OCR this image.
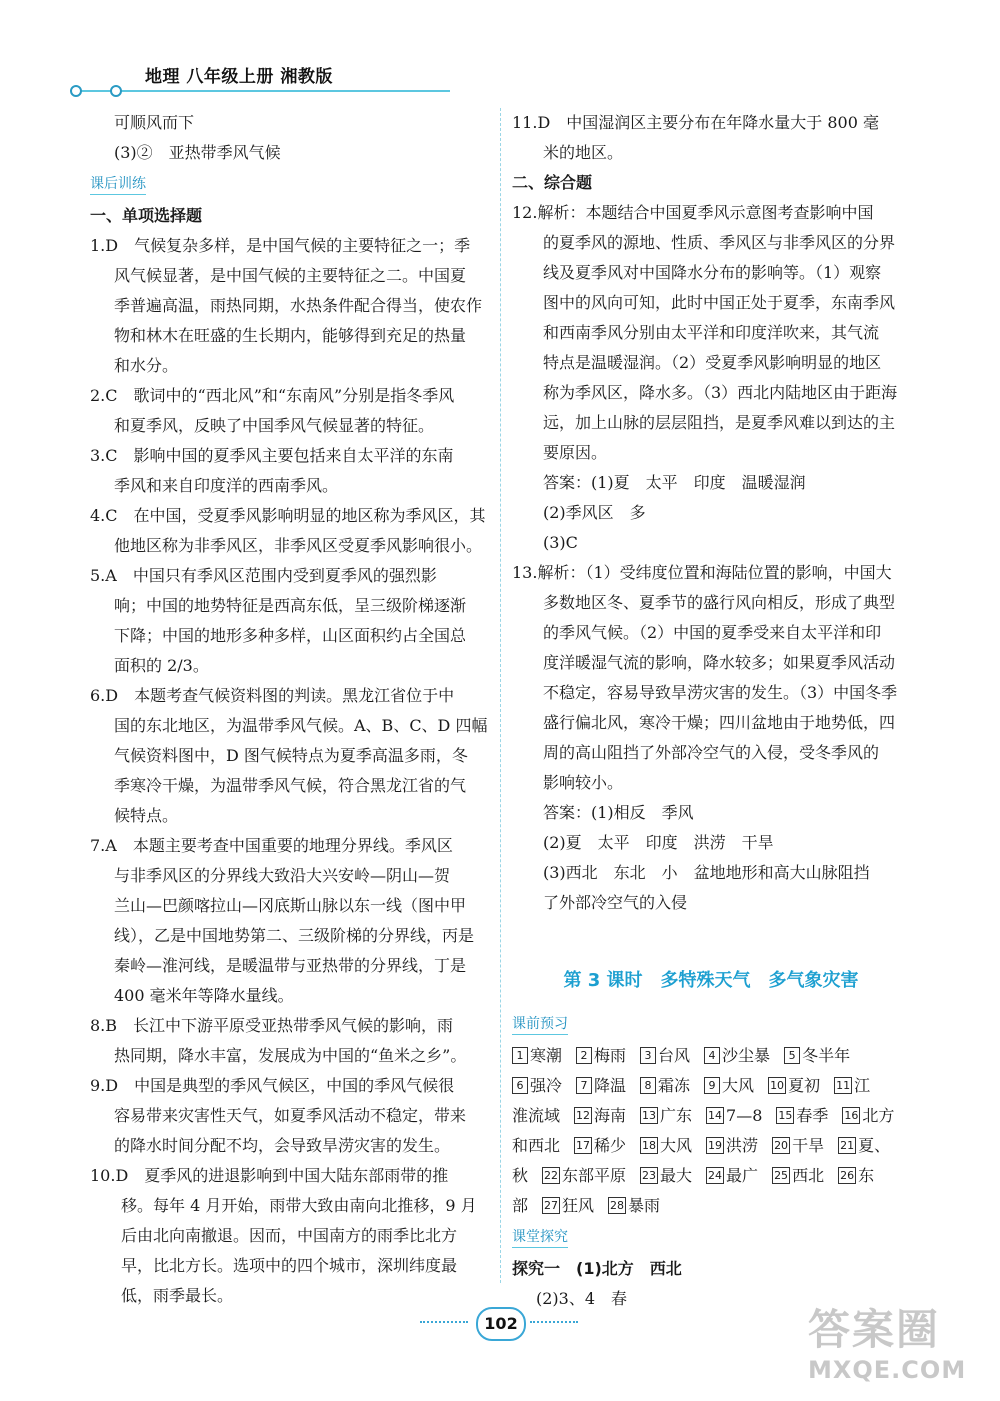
地理 八年级上册 湘教版
可顺风而下
(3)②　亚热带季风气候
课后训练
一、单项选择题
1.D　气候复杂多样，是中国气候的主要特征之一；季
风气候显著，是中国气候的主要特征之二。中国夏
季普遍高温，雨热同期，水热条件配合得当，使农作
物和林木在旺盛的生长期内，能够得到充足的热量
和水分。
2.C　歌词中的“西北风”和“东南风”分别是指冬季风
和夏季风，反映了中国季风气候显著的特征。
3.C　影响中国的夏季风主要包括来自太平洋的东南
季风和来自印度洋的西南季风。
4.C　在中国，受夏季风影响明显的地区称为季风区，其
他地区称为非季风区，非季风区受夏季风影响很小。
5.A　中国只有季风区范围内受到夏季风的强烈影
响；中国的地势特征是西高东低，呈三级阶梯逐渐
下降；中国的地形多种多样，山区面积约占全国总
面积的 2/3。
6.D　本题考查气候资料图的判读。黑龙江省位于中
国的东北地区，为温带季风气候。A、B、C、D 四幅
气候资料图中，D 图气候特点为夏季高温多雨，冬
季寒冷干燥，为温带季风气候，符合黑龙江省的气
候特点。
7.A　本题主要考查中国重要的地理分界线。季风区
与非季风区的分界线大致沿大兴安岭—阴山—贺
兰山—巴颜喀拉山—冈底斯山脉以东一线（图中甲
线），乙是中国地势第二、三级阶梯的分界线，丙是
秦岭—淮河线，是暖温带与亚热带的分界线，丁是
400 毫米年等降水量线。
8.B　长江中下游平原受亚热带季风气候的影响，雨
热同期，降水丰富，发展成为中国的“鱼米之乡”。
9.D　中国是典型的季风气候区，中国的季风气候很
容易带来灾害性天气，如夏季风活动不稳定，带来
的降水时间分配不均，会导致旱涝灾害的发生。
10.D　夏季风的进退影响到中国大陆东部雨带的推
移。每年 4 月开始，雨带大致由南向北推移，9 月
后由北向南撤退。因而，中国南方的雨季比北方
早，比北方长。选项中的四个城市，深圳纬度最
低，雨季最长。
11.D　中国湿润区主要分布在年降水量大于 800 毫
米的地区。
二、综合题
12.解析：本题结合中国夏季风示意图考查影响中国
的夏季风的源地、性质、季风区与非季风区的分界
线及夏季风对中国降水分布的影响等。（1）观察
图中的风向可知，此时中国正处于夏季，东南季风
和西南季风分别由太平洋和印度洋吹来，其气流
特点是温暖湿润。（2）受夏季风影响明显的地区
称为季风区，降水多。（3）西北内陆地区由于距海
远，加上山脉的层层阻挡，是夏季风难以到达的主
要原因。
答案：(1)夏　太平　印度　温暖湿润
(2)季风区　多
(3)C
13.解析：（1）受纬度位置和海陆位置的影响，中国大
多数地区冬、夏季节的盛行风向相反，形成了典型
的季风气候。（2）中国的夏季受来自太平洋和印
度洋暖湿气流的影响，降水较多；如果夏季风活动
不稳定，容易导致旱涝灾害的发生。（3）中国冬季
盛行偏北风，寒冷干燥；四川盆地由于地势低，四
周的高山阻挡了外部冷空气的入侵，受冬季风的
影响较小。
答案：(1)相反　季风
(2)夏　太平　印度　洪涝　干旱
(3)西北　东北　小　盆地地形和高大山脉阻挡
了外部冷空气的入侵
第 3 课时　多特殊天气　多气象灾害
课前预习
1 寒潮 2 梅雨 3 台风 4 沙尘暴 5 冬半年
6 强冷 7 降温 8 霜冻 9 大风 10 夏初 11 江
淮流域 12 海南 13 广东 14 7—8 15 春季 16 北方
和西北 17 稀少 18 大风 19 洪涝 20 干旱 21 夏、
秋 22 东部平原 23 最大 24 最广 25 西北 26 东
部 27 狂风 28 暴雨
课堂探究
探究一　(1)北方　西北
(2)3、4　春
102	答案圈
MXQE.COM
